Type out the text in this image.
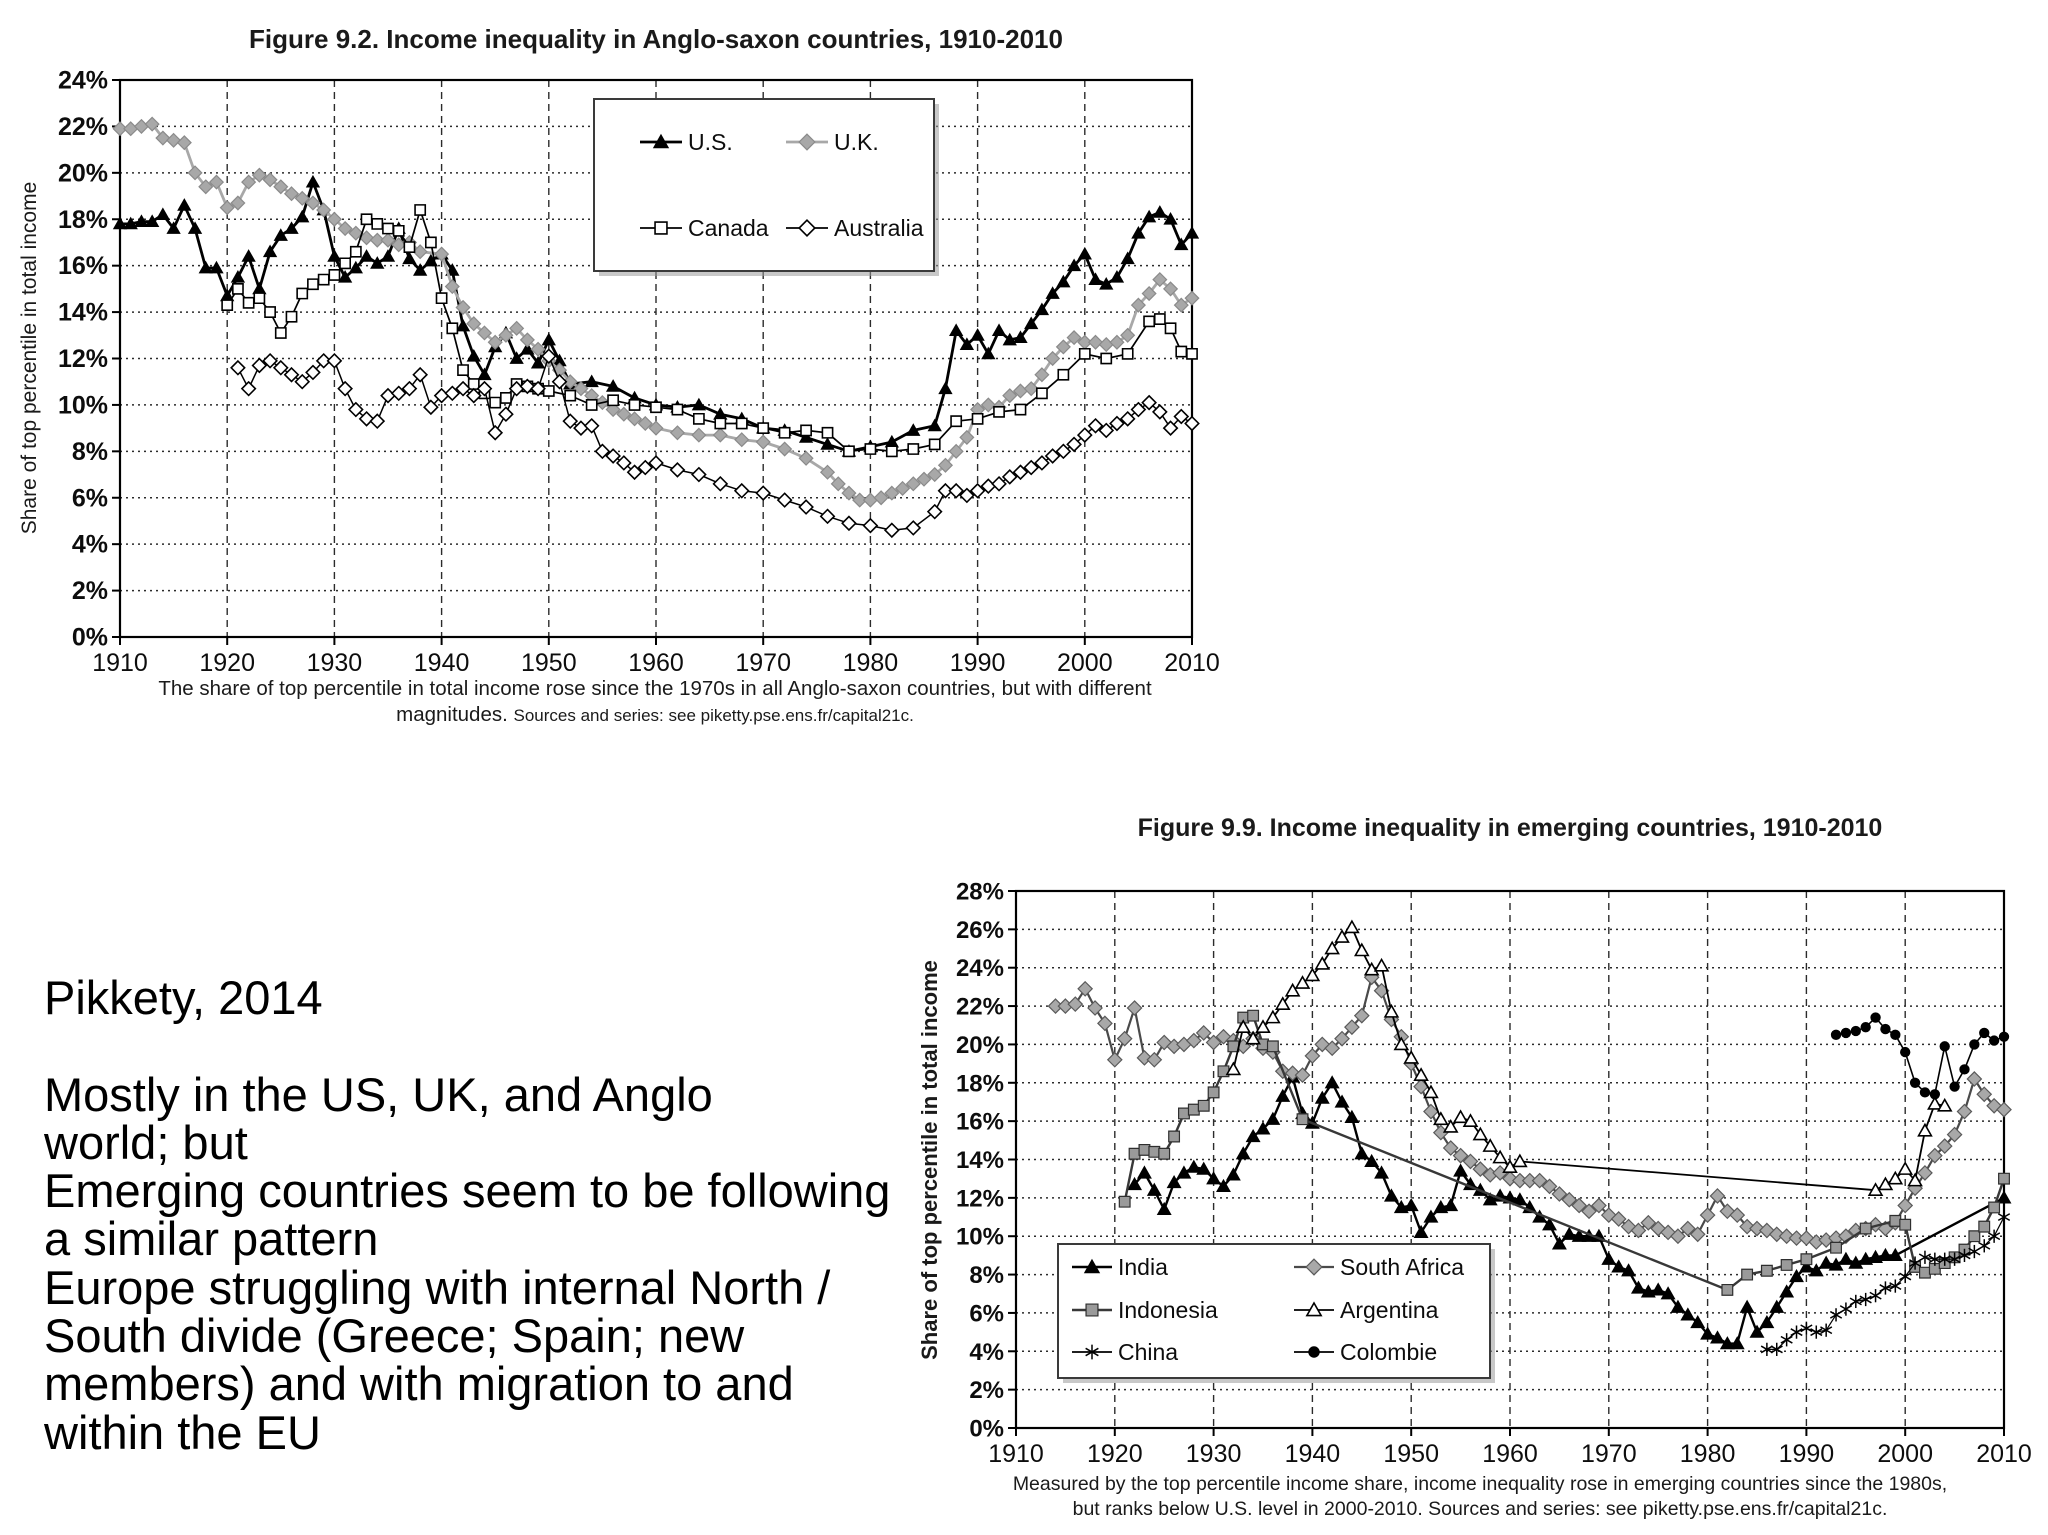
0%
2%
4%
6%
8%
10%
12%
14%
16%
18%
20%
22%
24%
1910 1920 1930 1940 1950 1960 1970 1980 1990 2000 2010
U.S.	U.K.
Canada	Australia
0%
2%
4%
6%
8%
10%
12%
14%
16%
18%
20%
22%
24%
26%
28%
1910 1920 1930 1940 1950 1960 1970 1980 1990 2000 2010
India	South Africa
Indonesia	Argentina
China	Colombie
Figure 9.2. Income inequality in Anglo-saxon countries, 1910-2010
Share of top percentile in total income
The share of top percentile in total income rose since the 1970s in all Anglo-saxon countries, but with different magnitudes. Sources and series: see piketty.pse.ens.fr/capital21c.
Figure 9.9. Income inequality in emerging countries, 1910-2010
Share of top percentile in total income
Measured by the top percentile income share, income inequality rose in emerging countries since the 1980s, but ranks below U.S. level in 2000-2010. Sources and series: see piketty.pse.ens.fr/capital21c.
Pikkety, 2014

Mostly in the US, UK, and Anglo
world; but
Emerging countries seem to be following
a similar pattern
Europe struggling with internal North /
South divide (Greece; Spain; new
members) and with migration to and
within the EU
